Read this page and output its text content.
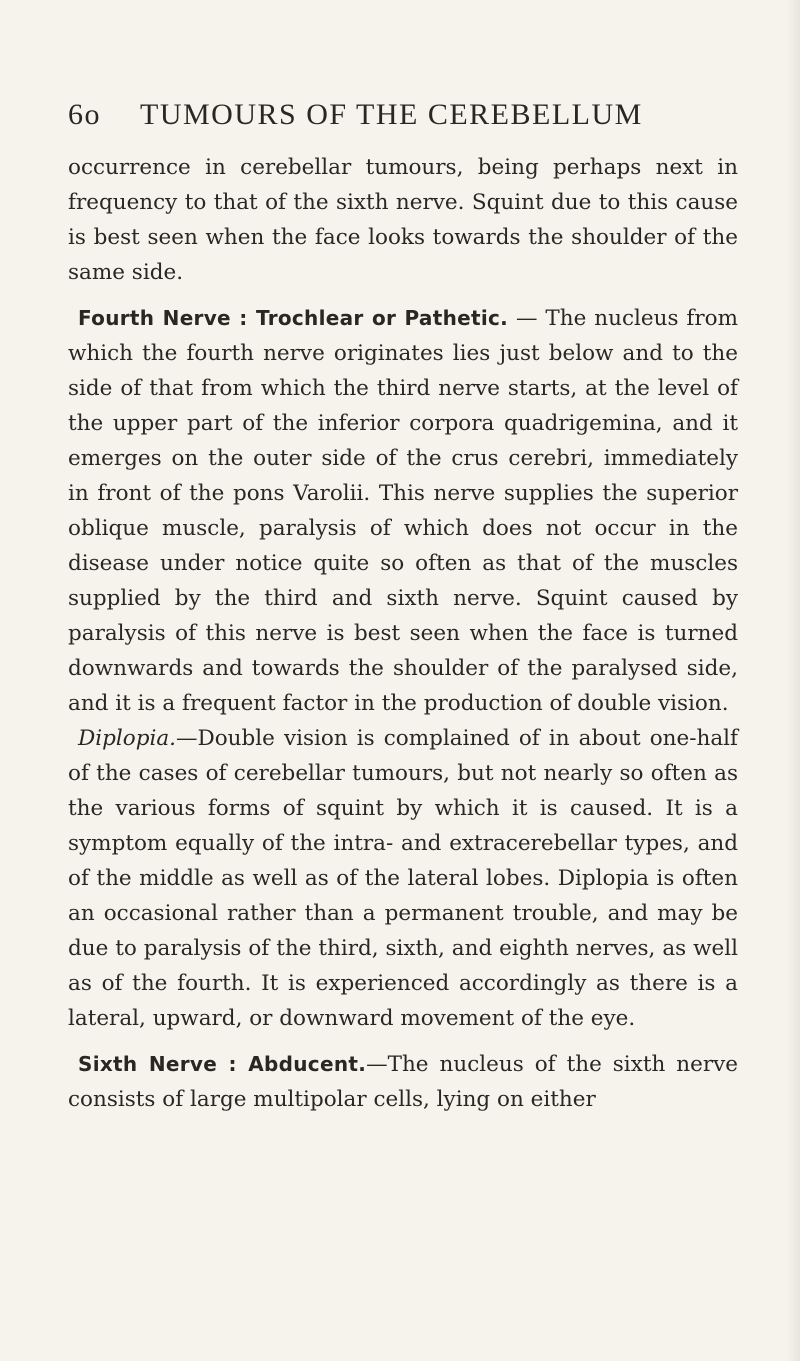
6o TUMOURS OF THE CEREBELLUM

occurrence in cerebellar tumours, being perhaps next in frequency to that of the sixth nerve. Squint due to this cause is best seen when the face looks towards the shoulder of the same side.

Fourth Nerve : Trochlear or Pathetic. — The nucleus from which the fourth nerve originates lies just below and to the side of that from which the third nerve starts, at the level of the upper part of the inferior corpora quadrigemina, and it emerges on the outer side of the crus cerebri, immediately in front of the pons Varolii. This nerve supplies the superior oblique muscle, paralysis of which does not occur in the disease under notice quite so often as that of the muscles supplied by the third and sixth nerve. Squint caused by paralysis of this nerve is best seen when the face is turned downwards and towards the shoulder of the paralysed side, and it is a frequent factor in the production of double vision.

Diplopia.—Double vision is complained of in about one-half of the cases of cerebellar tumours, but not nearly so often as the various forms of squint by which it is caused. It is a symptom equally of the intra- and extracerebellar types, and of the middle as well as of the lateral lobes. Diplopia is often an occasional rather than a permanent trouble, and may be due to paralysis of the third, sixth, and eighth nerves, as well as of the fourth. It is experienced accordingly as there is a lateral, upward, or downward movement of the eye.

Sixth Nerve : Abducent.—The nucleus of the sixth nerve consists of large multipolar cells, lying on either
